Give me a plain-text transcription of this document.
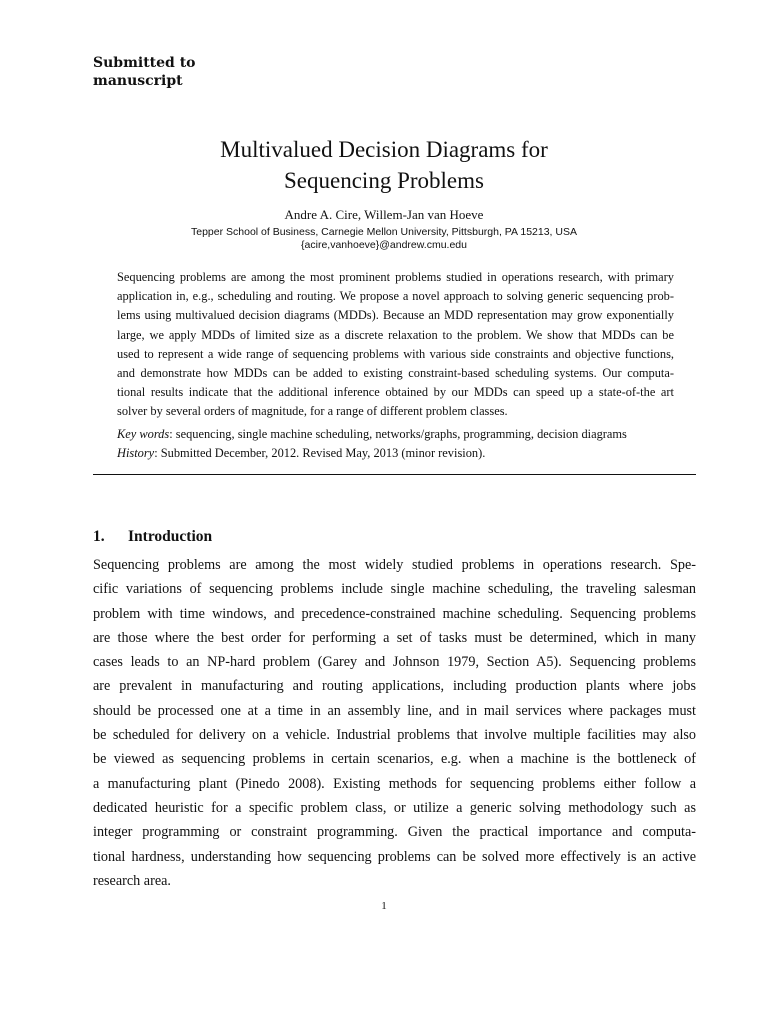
Submitted to
manuscript
Multivalued Decision Diagrams for
Sequencing Problems
Andre A. Cire, Willem-Jan van Hoeve
Tepper School of Business, Carnegie Mellon University, Pittsburgh, PA 15213, USA
{acire,vanhoeve}@andrew.cmu.edu
Sequencing problems are among the most prominent problems studied in operations research, with primary
application in, e.g., scheduling and routing. We propose a novel approach to solving generic sequencing prob-
lems using multivalued decision diagrams (MDDs). Because an MDD representation may grow exponentially
large, we apply MDDs of limited size as a discrete relaxation to the problem. We show that MDDs can be
used to represent a wide range of sequencing problems with various side constraints and objective functions,
and demonstrate how MDDs can be added to existing constraint-based scheduling systems. Our computa-
tional results indicate that the additional inference obtained by our MDDs can speed up a state-of-the art
solver by several orders of magnitude, for a range of different problem classes.
Key words: sequencing, single machine scheduling, networks/graphs, programming, decision diagrams
History: Submitted December, 2012. Revised May, 2013 (minor revision).
1. Introduction
Sequencing problems are among the most widely studied problems in operations research. Spe-
cific variations of sequencing problems include single machine scheduling, the traveling salesman
problem with time windows, and precedence-constrained machine scheduling. Sequencing problems
are those where the best order for performing a set of tasks must be determined, which in many
cases leads to an NP-hard problem (Garey and Johnson 1979, Section A5). Sequencing problems
are prevalent in manufacturing and routing applications, including production plants where jobs
should be processed one at a time in an assembly line, and in mail services where packages must
be scheduled for delivery on a vehicle. Industrial problems that involve multiple facilities may also
be viewed as sequencing problems in certain scenarios, e.g. when a machine is the bottleneck of
a manufacturing plant (Pinedo 2008). Existing methods for sequencing problems either follow a
dedicated heuristic for a specific problem class, or utilize a generic solving methodology such as
integer programming or constraint programming. Given the practical importance and computa-
tional hardness, understanding how sequencing problems can be solved more effectively is an active
research area.
1
